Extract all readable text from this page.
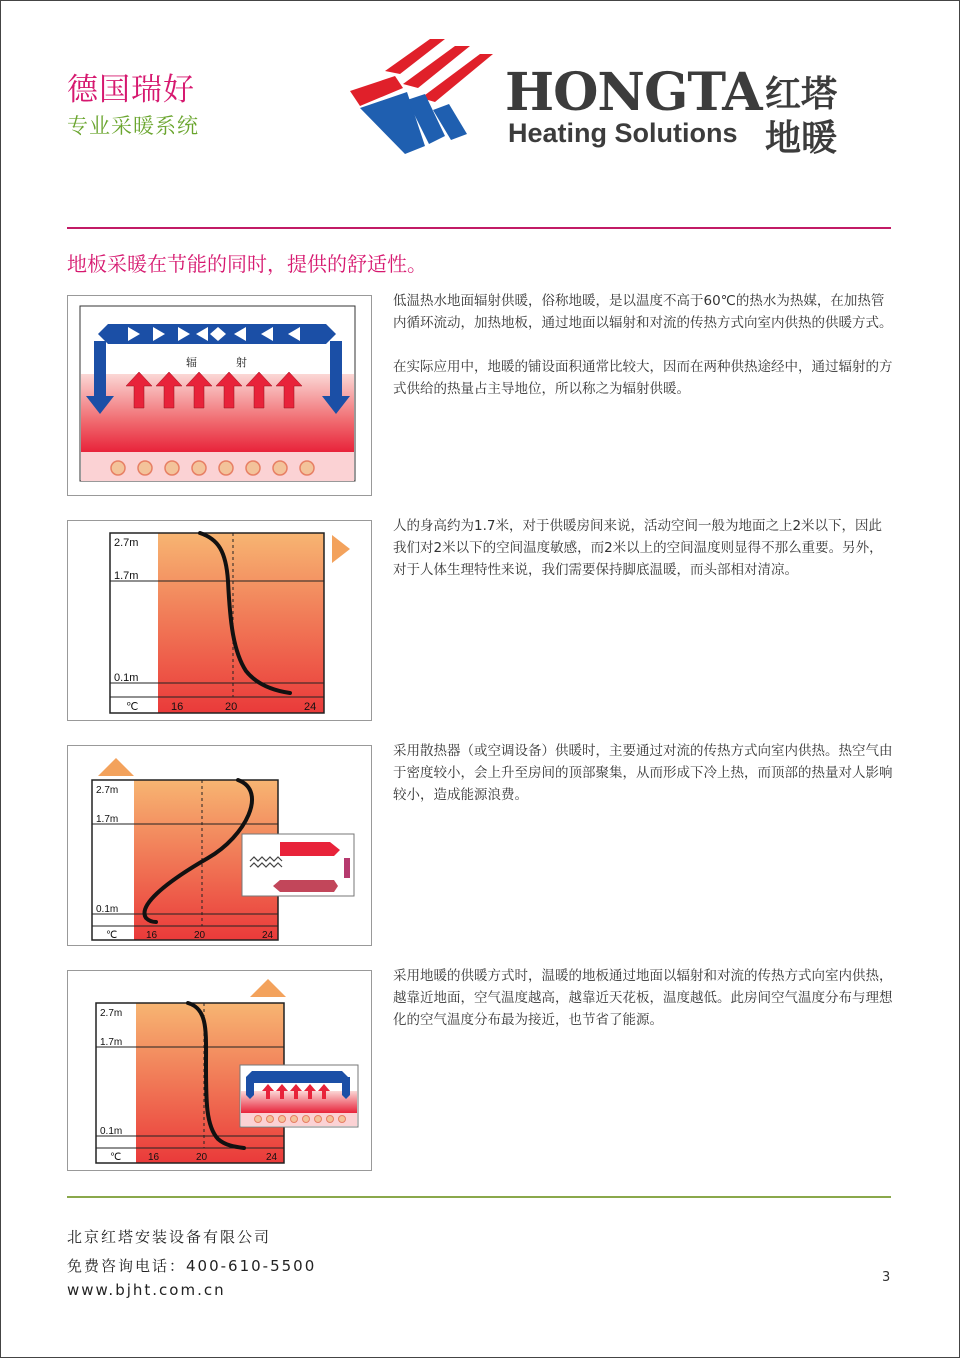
德国瑞好
专业采暖系统
HONGTA
Heating Solutions
红塔
地暖
地板采暖在节能的同时，提供的舒适性。
辐	射

低温热水地面辐射供暖，俗称地暖，是以温度不高于60℃的热水为热媒，在加热管内循环流动，加热地板，通过地面以辐射和对流的传热方式向室内供热的供暖方式。

在实际应用中，地暖的铺设面积通常比较大，因而在两种供热途经中，通过辐射的方式供给的热量占主导地位，所以称之为辐射供暖。

2.7m
1.7m
0.1m
℃	16	20	24

人的身高约为1.7米，对于供暖房间来说，活动空间一般为地面之上2米以下，因此我们对2米以下的空间温度敏感，而2米以上的空间温度则显得不那么重要。另外，对于人体生理特性来说，我们需要保持脚底温暖，而头部相对清凉。

2.7m
1.7m
0.1m
℃	16	20	24

采用散热器（或空调设备）供暖时，主要通过对流的传热方式向室内供热。热空气由于密度较小，会上升至房间的顶部聚集，从而形成下冷上热，而顶部的热量对人影响较小，造成能源浪费。

2.7m
1.7m
0.1m
℃	16	20	24

采用地暖的供暖方式时，温暖的地板通过地面以辐射和对流的传热方式向室内供热，越靠近地面，空气温度越高，越靠近天花板，温度越低。此房间空气温度分布与理想化的空气温度分布最为接近，也节省了能源。

北京红塔安装设备有限公司
免费咨询电话：400-610-5500
www.bjht.com.cn
3
